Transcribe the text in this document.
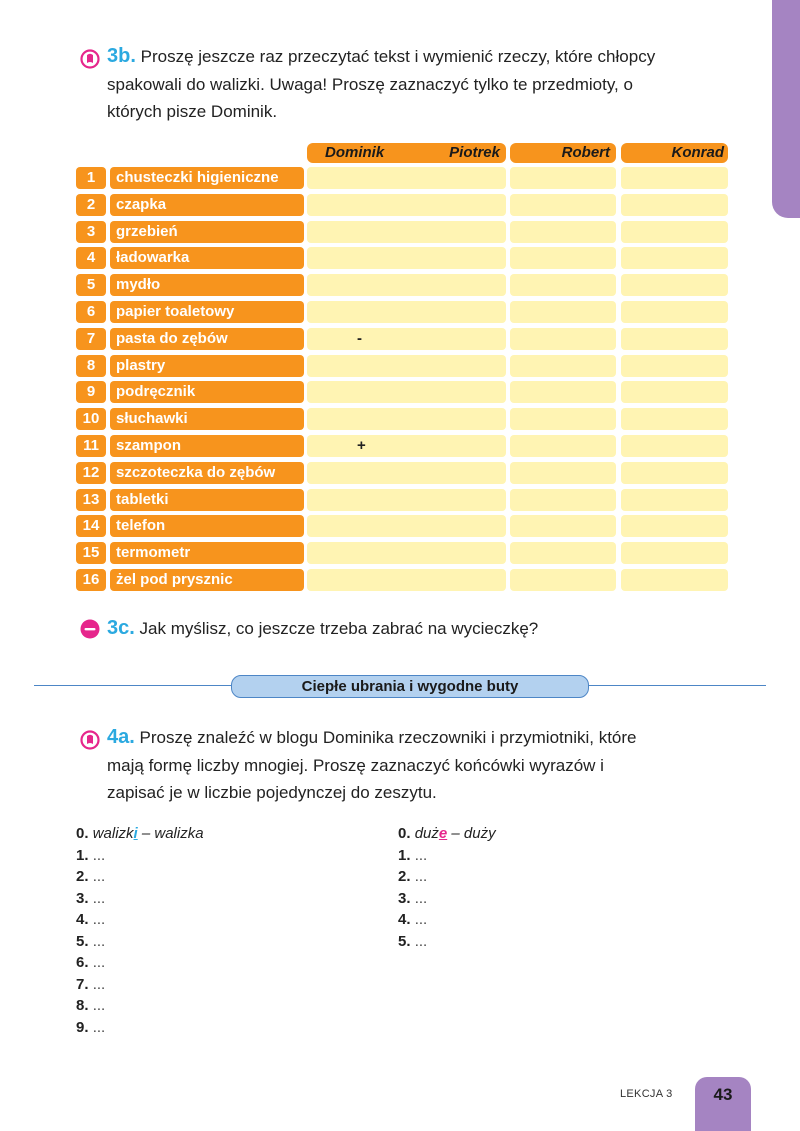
3b. Proszę jeszcze raz przeczytać tekst i wymienić rzeczy, które chłopcy
spakowali do walizki. Uwaga! Proszę zaznaczyć tylko te przedmioty, o
których pisze Dominik.
Dominik	Piotrek	Robert	Konrad
1	chusteczki higieniczne
2	czapka
3	grzebień
4	ładowarka
5	mydło
6	papier toaletowy
7	pasta do zębów	-
8	plastry
9	podręcznik
10	słuchawki
11	szampon	+
12	szczoteczka do zębów
13	tabletki
14	telefon
15	termometr
16	żel pod prysznic
3c. Jak myślisz, co jeszcze trzeba zabrać na wycieczkę?
Ciepłe ubrania i wygodne buty
4a. Proszę znaleźć w blogu Dominika rzeczowniki i przymiotniki, które
mają formę liczby mnogiej. Proszę zaznaczyć końcówki wyrazów i
zapisać je w liczbie pojedynczej do zeszytu.
0. walizki – walizka
1. ...
2. ...
3. ...
4. ...
5. ...
6. ...
7. ...
8. ...
9. ...
0. duże – duży
1. ...
2. ...
3. ...
4. ...
5. ...
LEKCJA 3	43
